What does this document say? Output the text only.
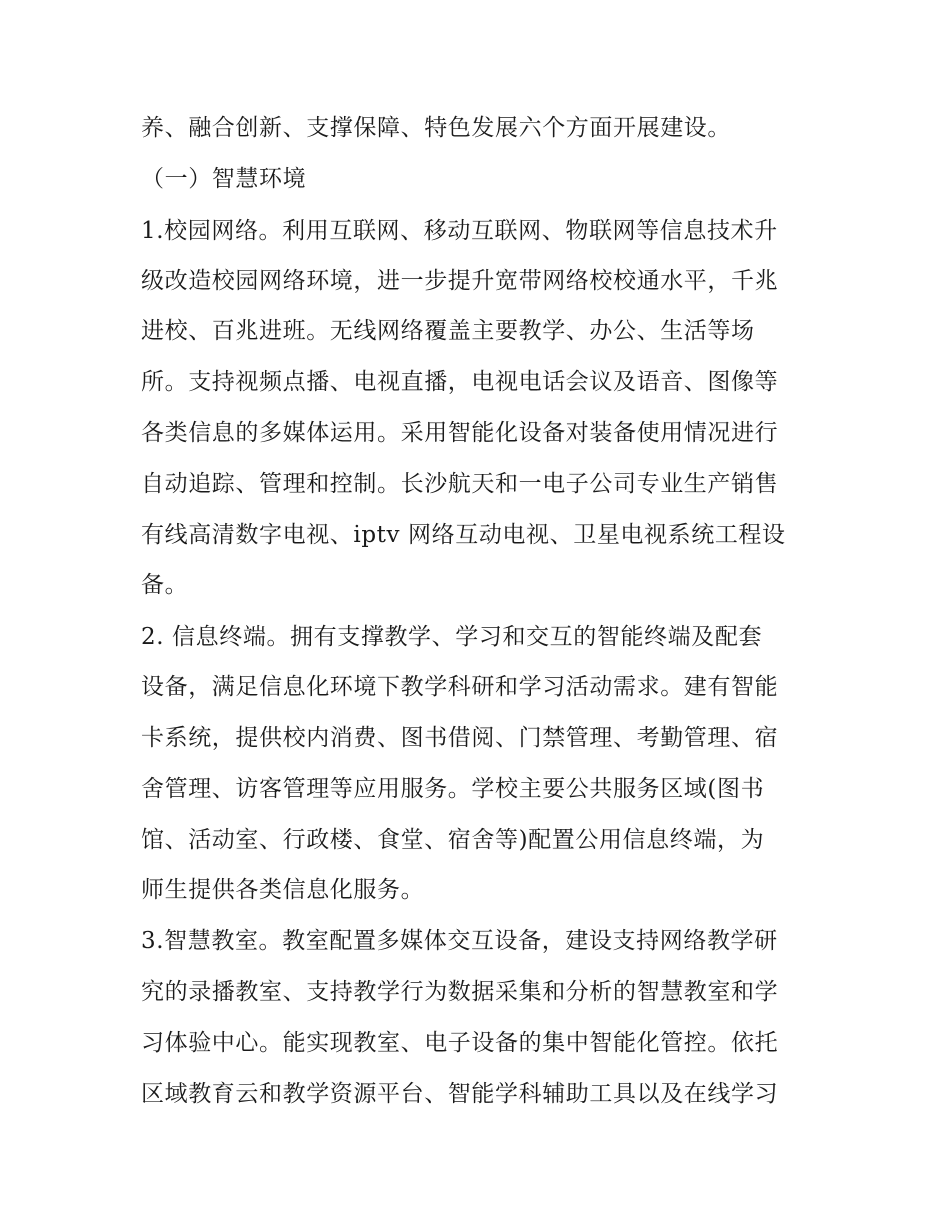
养、融合创新、支撑保障、特色发展六个方面开展建设。
（一）智慧环境
1.校园网络。利用互联网、移动互联网、物联网等信息技术升
级改造校园网络环境，进一步提升宽带网络校校通水平，千兆
进校、百兆进班。无线网络覆盖主要教学、办公、生活等场
所。支持视频点播、电视直播，电视电话会议及语音、图像等
各类信息的多媒体运用。采用智能化设备对装备使用情况进行
自动追踪、管理和控制。长沙航天和一电子公司专业生产销售
有线高清数字电视、iptv 网络互动电视、卫星电视系统工程设
备。
2. 信息终端。拥有支撑教学、学习和交互的智能终端及配套
设备，满足信息化环境下教学科研和学习活动需求。建有智能
卡系统，提供校内消费、图书借阅、门禁管理、考勤管理、宿
舍管理、访客管理等应用服务。学校主要公共服务区域(图书
馆、活动室、行政楼、食堂、宿舍等)配置公用信息终端，为
师生提供各类信息化服务。
3.智慧教室。教室配置多媒体交互设备，建设支持网络教学研
究的录播教室、支持教学行为数据采集和分析的智慧教室和学
习体验中心。能实现教室、电子设备的集中智能化管控。依托
区域教育云和教学资源平台、智能学科辅助工具以及在线学习
